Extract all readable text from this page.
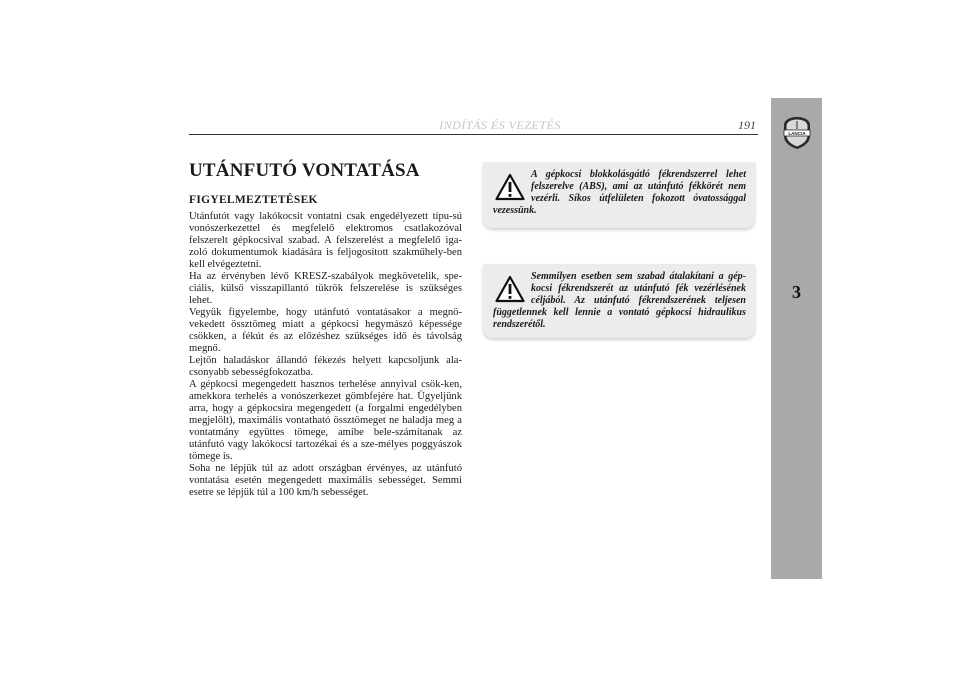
INDÍTÁS ÉS VEZETÉS	191
LANCIA
3
UTÁNFUTÓ VONTATÁSA
FIGYELMEZTETÉSEK

Utánfutót vagy lakókocsit vontatni csak engedélyezett típu-sú vonószerkezettel és megfelelő elektromos csatlakozóval felszerelt gépkocsival szabad. A felszerelést a megfelelő iga-zoló dokumentumok kiadására is feljogosított szakműhely-ben kell elvégeztetni.

Ha az érvényben lévő KRESZ-szabályok megkövetelik, spe-ciális, külső visszapillantó tükrök felszerelése is szükséges lehet.

Vegyük figyelembe, hogy utánfutó vontatásakor a megnö-vekedett össztömeg miatt a gépkocsi hegymászó képessége csökken, a fékút és az előzéshez szükséges idő és távolság megnő.

Lejtőn haladáskor állandó fékezés helyett kapcsoljunk ala-csonyabb sebességfokozatba.

A gépkocsi megengedett hasznos terhelése annyival csök-ken, amekkora terhelés a vonószerkezet gömbfejére hat. Ügyeljünk arra, hogy a gépkocsira megengedett (a forgalmi engedélyben megjelölt), maximális vontatható össztömeget ne haladja meg a vontatmány együttes tömege, amibe bele-számítanak az utánfutó vagy lakókocsi tartozékai és a sze-mélyes poggyászok tömege is.

Soha ne lépjük túl az adott országban érvényes, az utánfutó vontatása esetén megengedett maximális sebességet. Semmi esetre se lépjük túl a 100 km/h sebességet.

A gépkocsi blokkolásgátló fékrendszerrel lehet felszerelve (ABS), ami az utánfutó fékkörét nem vezérli. Síkos útfelületen fokozott óvatossággal vezessünk.
Semmilyen esetben sem szabad átalakítani a gép-kocsi fékrendszerét az utánfutó fék vezérlésének céljából. Az utánfutó fékrendszerének teljesen függetlennek kell lennie a vontató gépkocsi hidraulikus rendszerétől.
